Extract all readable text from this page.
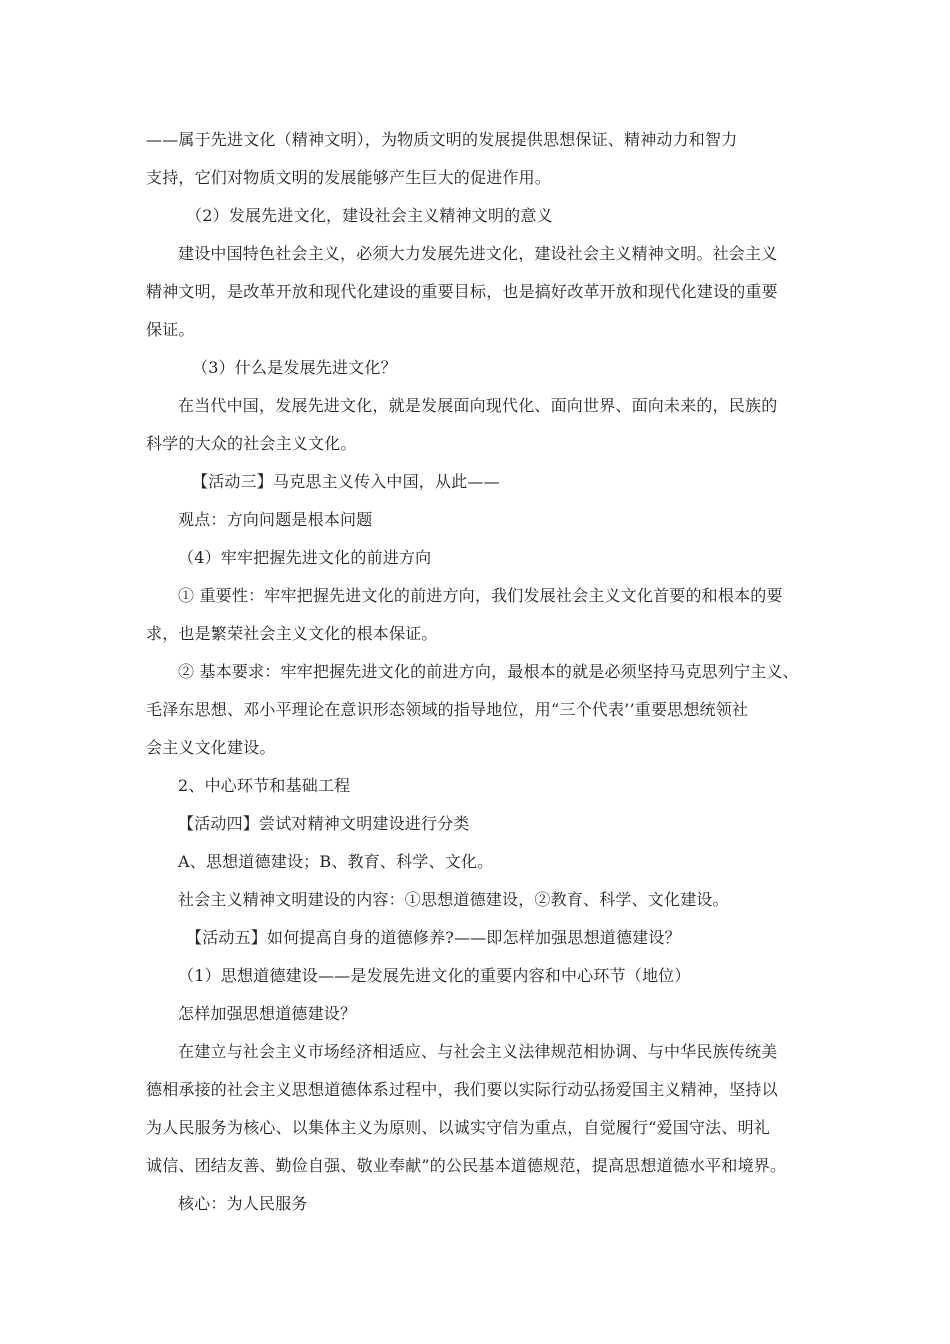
——属于先进文化（精神文明），为物质文明的发展提供思想保证、精神动力和智力
支持，它们对物质文明的发展能够产生巨大的促进作用。
（2）发展先进文化，建设社会主义精神文明的意义
建设中国特色社会主义，必须大力发展先进文化，建设社会主义精神文明。社会主义
精神文明，是改革开放和现代化建设的重要目标，也是搞好改革开放和现代化建设的重要
保证。
（3）什么是发展先进文化？
在当代中国，发展先进文化，就是发展面向现代化、面向世界、面向未来的，民族的
科学的大众的社会主义文化。
【活动三】马克思主义传入中国，从此——
观点：方向问题是根本问题
（4）牢牢把握先进文化的前进方向
① 重要性：牢牢把握先进文化的前进方向，我们发展社会主义文化首要的和根本的要
求，也是繁荣社会主义文化的根本保证。
② 基本要求：牢牢把握先进文化的前进方向，最根本的就是必须坚持马克思列宁主义、
毛泽东思想、邓小平理论在意识形态领域的指导地位，用“三个代表’’重要思想统领社
会主义文化建设。
2、中心环节和基础工程
【活动四】尝试对精神文明建设进行分类
A、思想道德建设；B、教育、科学、文化。
社会主义精神文明建设的内容：①思想道德建设，②教育、科学、文化建设。
【活动五】如何提高自身的道德修养?——即怎样加强思想道德建设？
（1）思想道德建设——是发展先进文化的重要内容和中心环节（地位）
怎样加强思想道德建设？
在建立与社会主义市场经济相适应、与社会主义法律规范相协调、与中华民族传统美
德相承接的社会主义思想道德体系过程中，我们要以实际行动弘扬爱国主义精神，坚持以
为人民服务为核心、以集体主义为原则、以诚实守信为重点，自觉履行“爱国守法、明礼
诚信、团结友善、勤俭自强、敬业奉献”的公民基本道德规范，提高思想道德水平和境界。
核心：为人民服务
